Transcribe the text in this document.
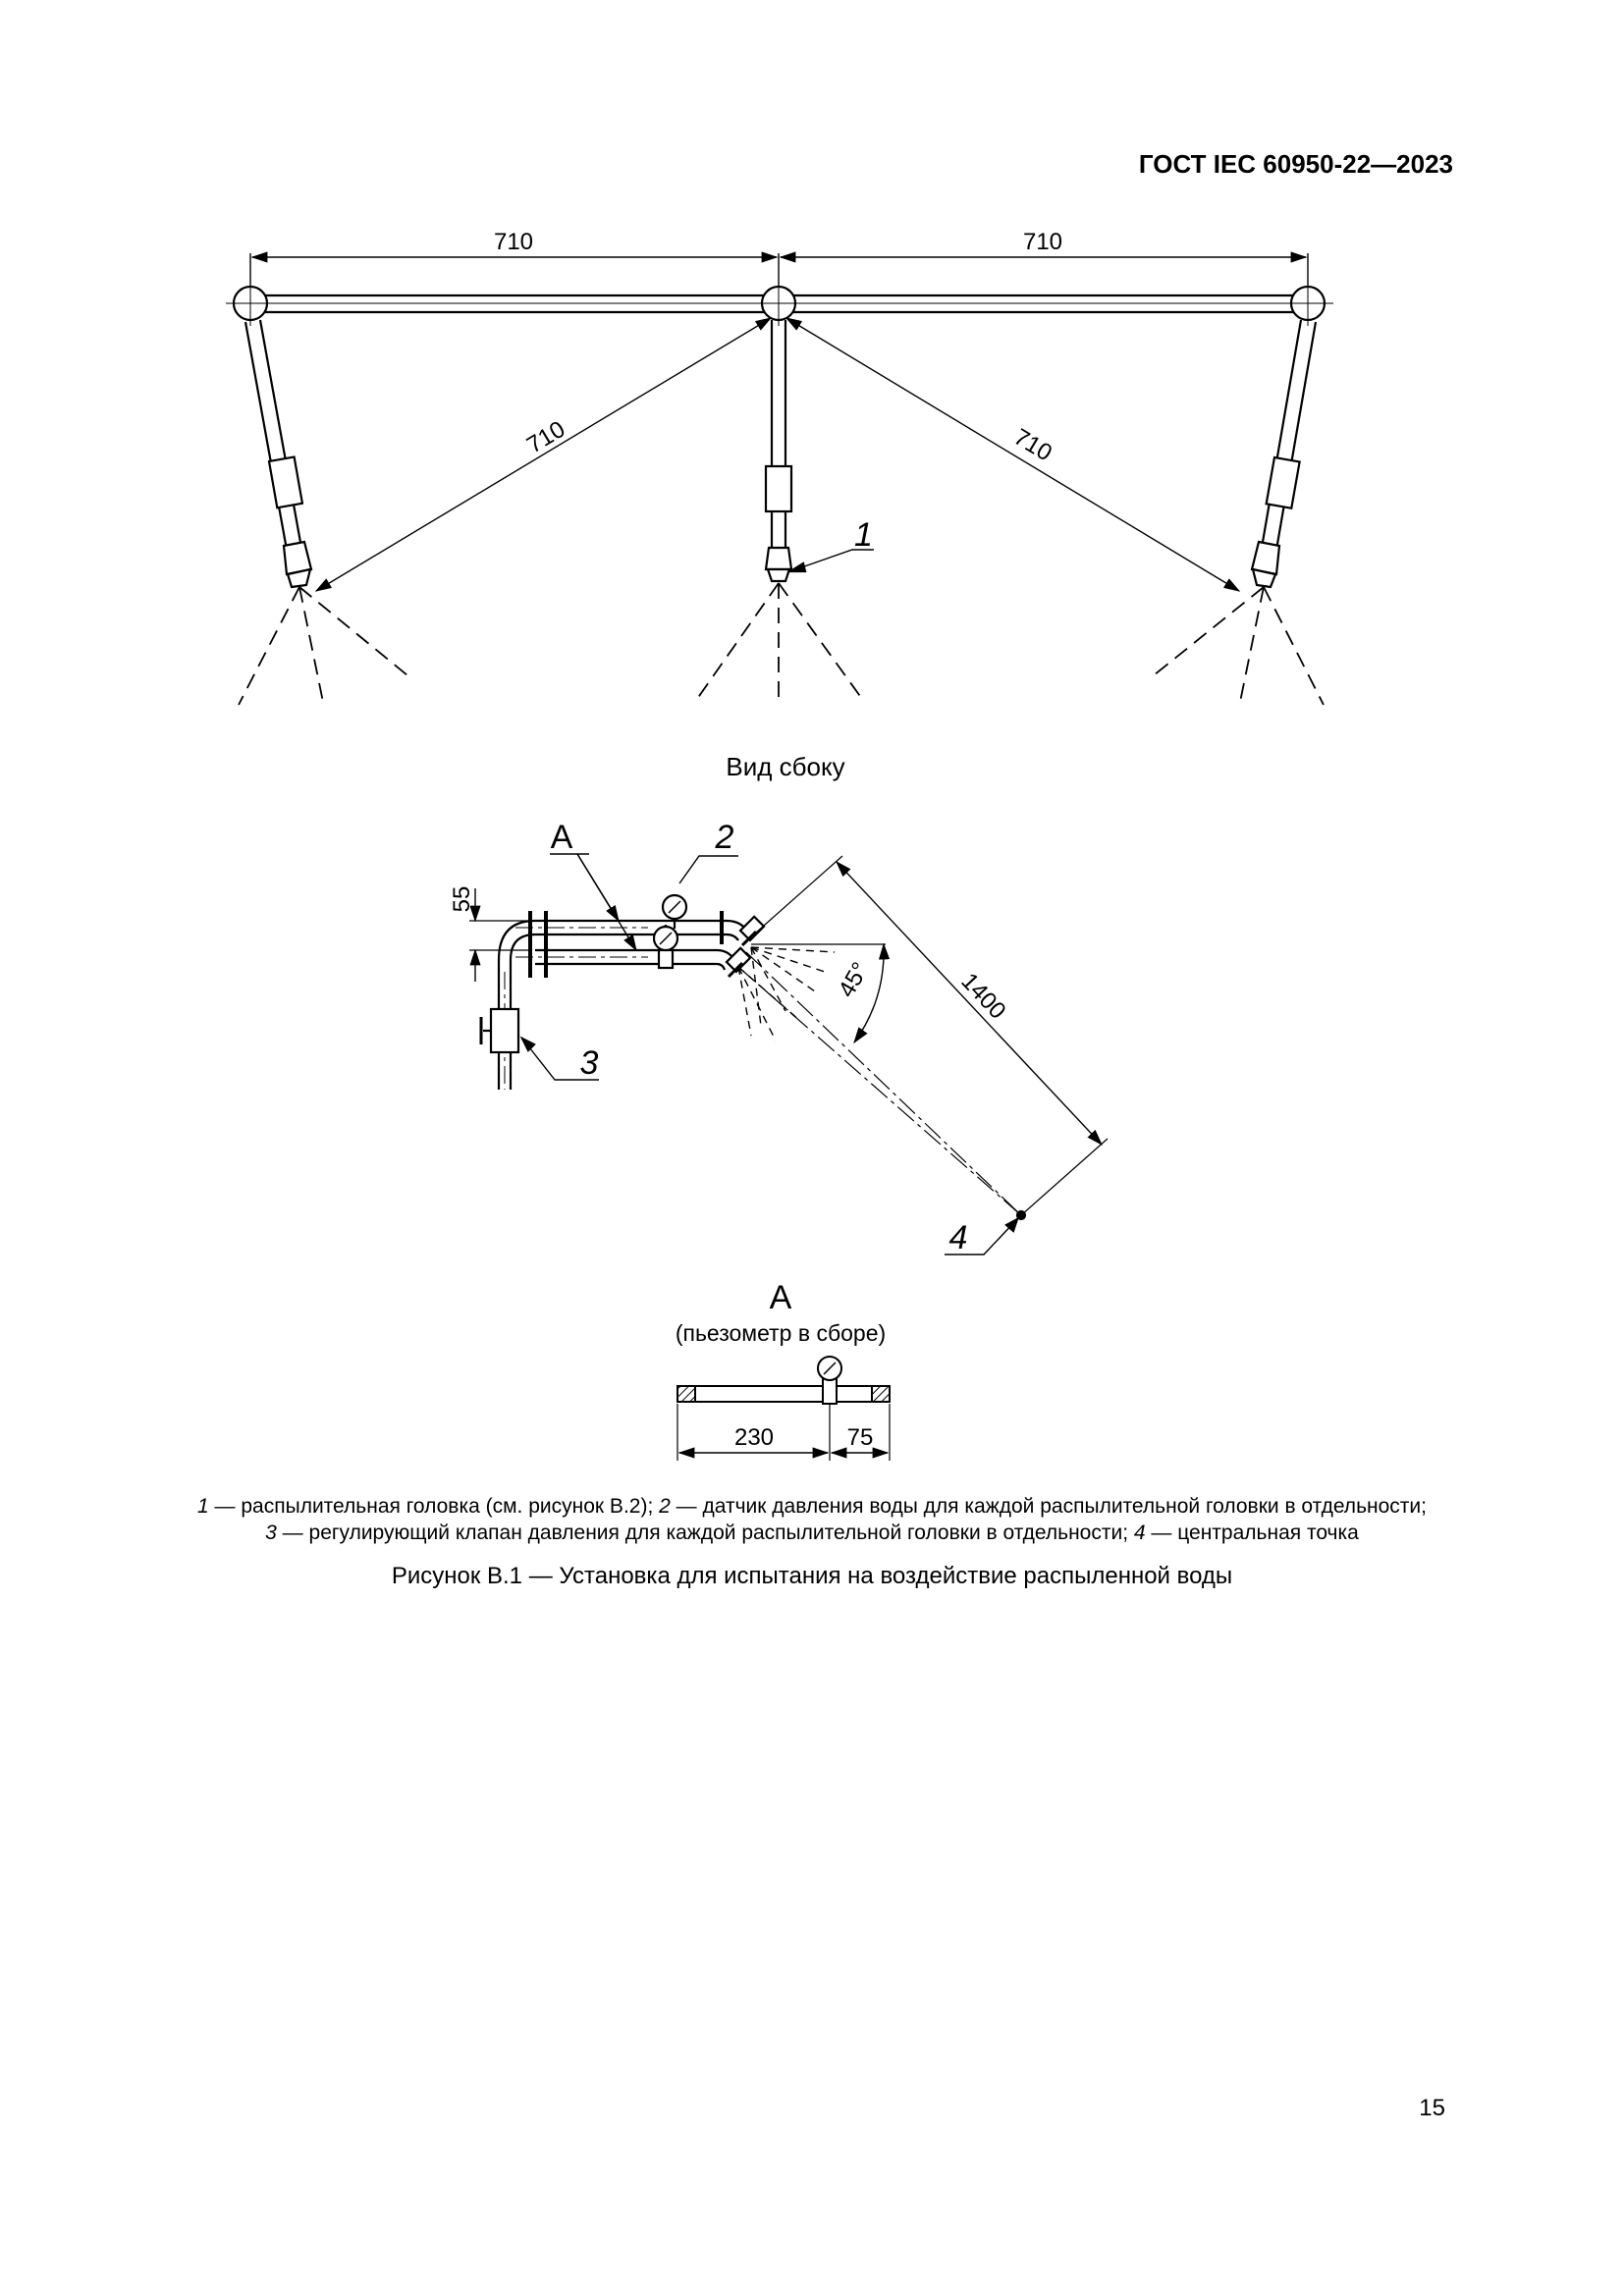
ГОСТ IEC 60950-22—2023
710	710
710	710
1
Вид сбоку
A	2
3
4
55
1400
45°
A
(пьезометр в сборе)
230	75
1 — распылительная головка (см. рисунок B.2); 2 — датчик давления воды для каждой распылительной головки в отдельности;
3 — регулирующий клапан давления для каждой распылительной головки в отдельности; 4 — центральная точка
Рисунок B.1 — Установка для испытания на воздействие распыленной воды
15
